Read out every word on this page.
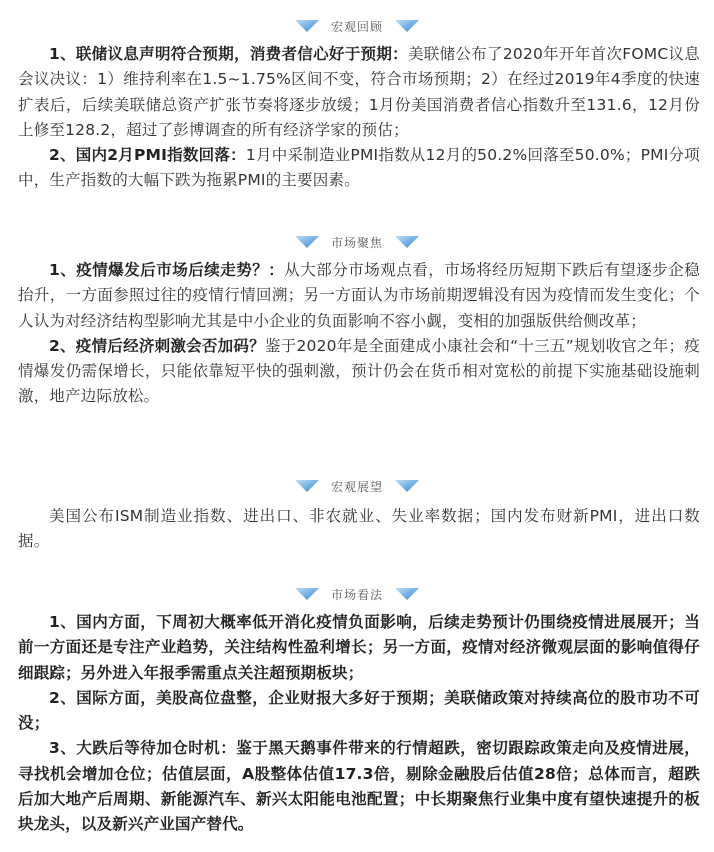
宏观回顾

1、联储议息声明符合预期，消费者信心好于预期：美联储公布了2020年开年首次FOMC议息会议决议：1）维持利率在1.5~1.75%区间不变，符合市场预期；2）在经过2019年4季度的快速扩表后，后续美联储总资产扩张节奏将逐步放缓；1月份美国消费者信心指数升至131.6，12月份上修至128.2，超过了彭博调查的所有经济学家的预估；

2、国内2月PMI指数回落：1月中采制造业PMI指数从12月的50.2%回落至50.0%；PMI分项中，生产指数的大幅下跌为拖累PMI的主要因素。

市场聚焦

1、疫情爆发后市场后续走势？：从大部分市场观点看，市场将经历短期下跌后有望逐步企稳抬升，一方面参照过往的疫情行情回溯；另一方面认为市场前期逻辑没有因为疫情而发生变化；个人认为对经济结构型影响尤其是中小企业的负面影响不容小觑，变相的加强版供给侧改革；

2、疫情后经济刺激会否加码？鉴于2020年是全面建成小康社会和“十三五”规划收官之年；疫情爆发仍需保增长，只能依靠短平快的强刺激，预计仍会在货币相对宽松的前提下实施基础设施刺激，地产边际放松。

宏观展望

美国公布ISM制造业指数、进出口、非农就业、失业率数据；国内发布财新PMI，进出口数据。

市场看法

1、国内方面，下周初大概率低开消化疫情负面影响，后续走势预计仍围绕疫情进展展开；当前一方面还是专注产业趋势，关注结构性盈利增长；另一方面，疫情对经济微观层面的影响值得仔细跟踪；另外进入年报季需重点关注超预期板块；

2、国际方面，美股高位盘整，企业财报大多好于预期；美联储政策对持续高位的股市功不可没；

3、大跌后等待加仓时机：鉴于黑天鹅事件带来的行情超跌，密切跟踪政策走向及疫情进展，寻找机会增加仓位；估值层面，A股整体估值17.3倍，剔除金融股后估值28倍；总体而言，超跌后加大地产后周期、新能源汽车、新兴太阳能电池配置；中长期聚焦行业集中度有望快速提升的板块龙头，以及新兴产业国产替代。
